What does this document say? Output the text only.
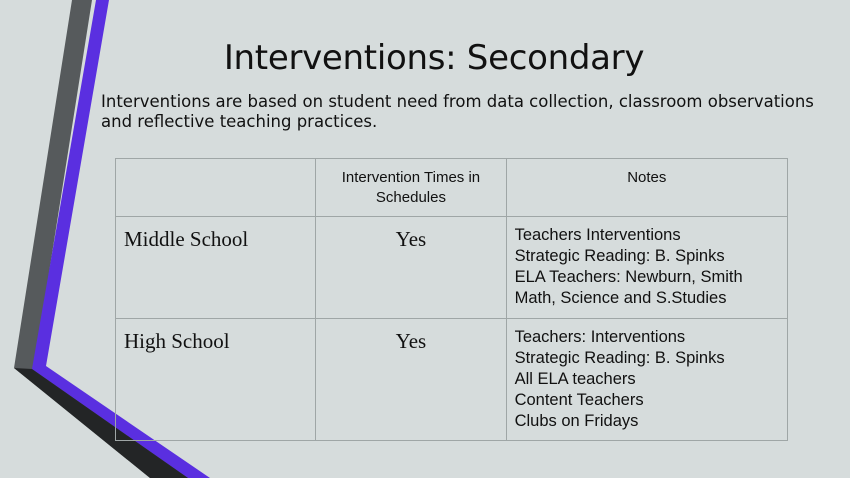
Interventions: Secondary
Interventions are based on student need from data collection, classroom observations and reflective teaching practices.
	Intervention Times in Schedules	Notes
Middle School	Yes	Teachers Interventions
Strategic Reading: B. Spinks
ELA Teachers: Newburn, Smith
Math, Science and S.Studies

High School	Yes	Teachers: Interventions
Strategic Reading: B. Spinks
All ELA teachers
Content Teachers
Clubs on Fridays
